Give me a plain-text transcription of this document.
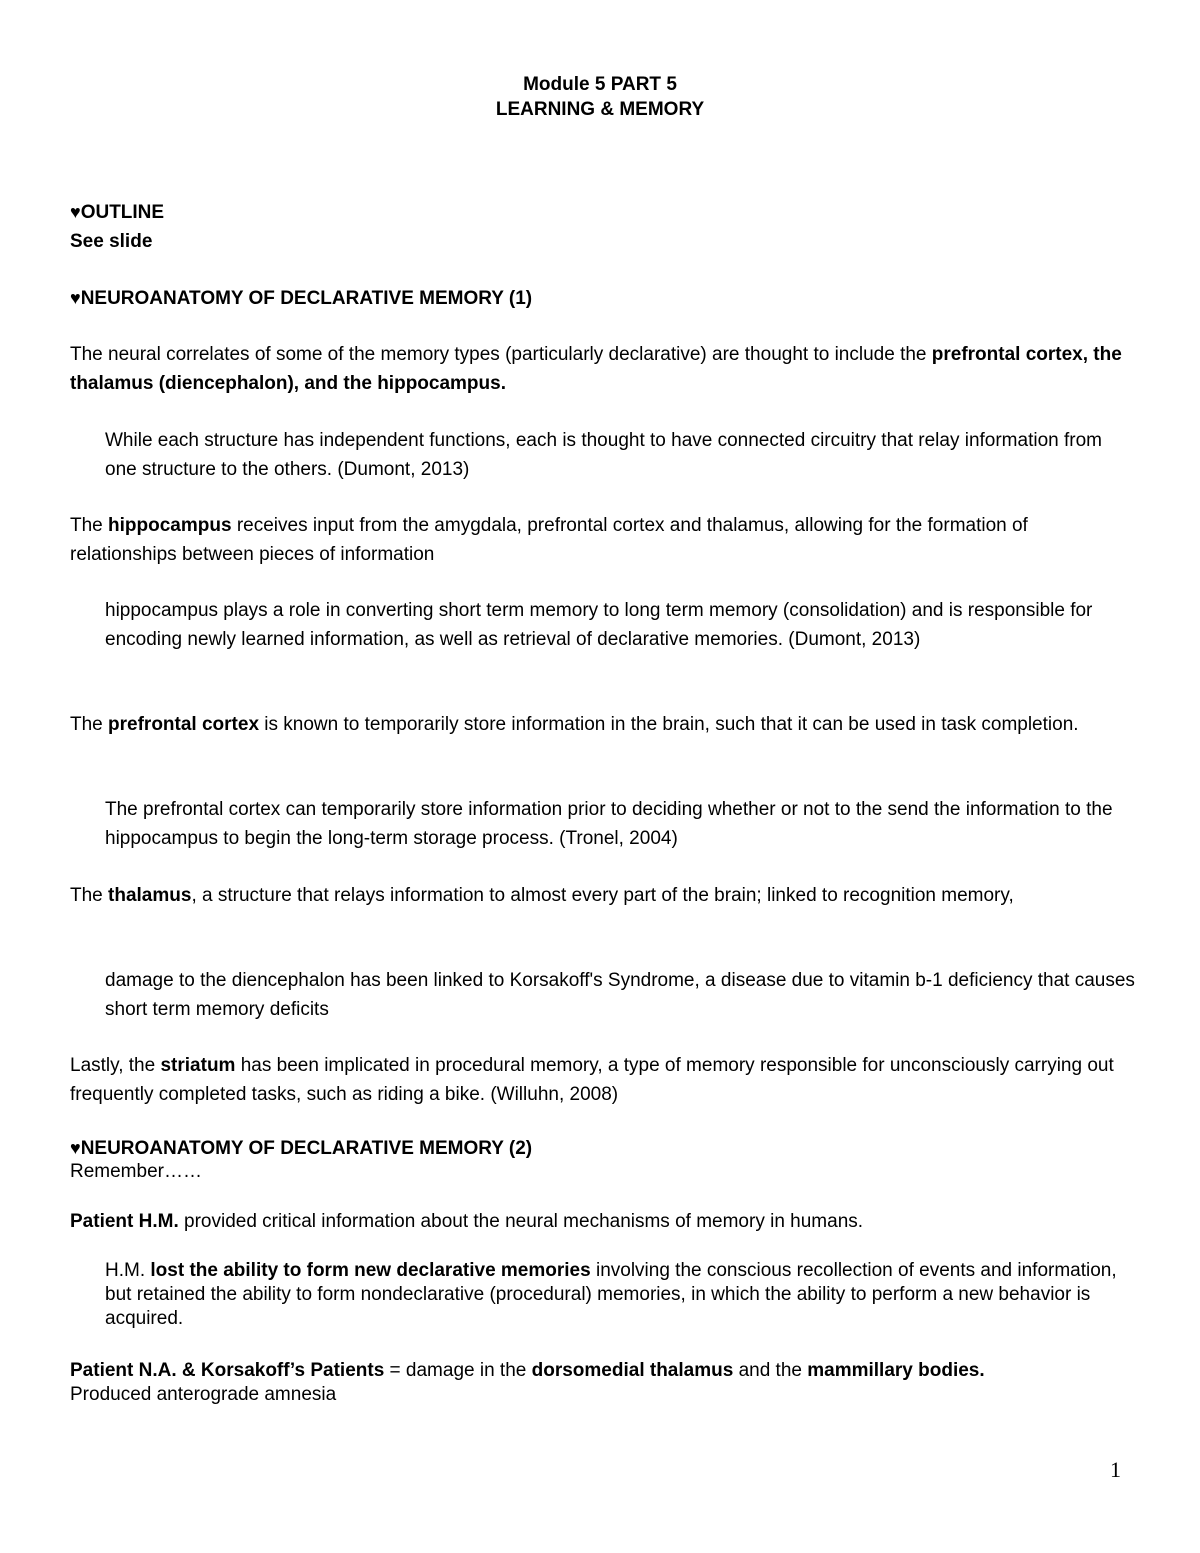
Module 5 PART 5
LEARNING & MEMORY
♥OUTLINE
See slide
♥NEUROANATOMY OF DECLARATIVE MEMORY (1)
The neural correlates of some of the memory types (particularly declarative) are thought to include the prefrontal cortex, the thalamus (diencephalon), and the hippocampus.
While each structure has independent functions, each is thought to have connected circuitry that relay information from one structure to the others. (Dumont, 2013)
The hippocampus receives input from the amygdala, prefrontal cortex and thalamus, allowing for the formation of relationships between pieces of information
hippocampus plays a role in converting short term memory to long term memory (consolidation) and is responsible for encoding newly learned information, as well as retrieval of declarative memories. (Dumont, 2013)
The prefrontal cortex is known to temporarily store information in the brain, such that it can be used in task completion.
The prefrontal cortex can temporarily store information prior to deciding whether or not to the send the information to the hippocampus to begin the long-term storage process. (Tronel, 2004)
The thalamus, a structure that relays information to almost every part of the brain; linked to recognition memory,
damage to the diencephalon has been linked to Korsakoff's Syndrome, a disease due to vitamin b-1 deficiency that causes short term memory deficits
Lastly, the striatum has been implicated in procedural memory, a type of memory responsible for unconsciously carrying out frequently completed tasks, such as riding a bike. (Willuhn, 2008)
♥NEUROANATOMY OF DECLARATIVE MEMORY (2)
Remember……
Patient H.M. provided critical information about the neural mechanisms of memory in humans.
H.M. lost the ability to form new declarative memories involving the conscious recollection of events and information, but retained the ability to form nondeclarative (procedural) memories, in which the ability to perform a new behavior is acquired.
Patient N.A. & Korsakoff’s Patients = damage in the dorsomedial thalamus and the mammillary bodies.
Produced anterograde amnesia
1
